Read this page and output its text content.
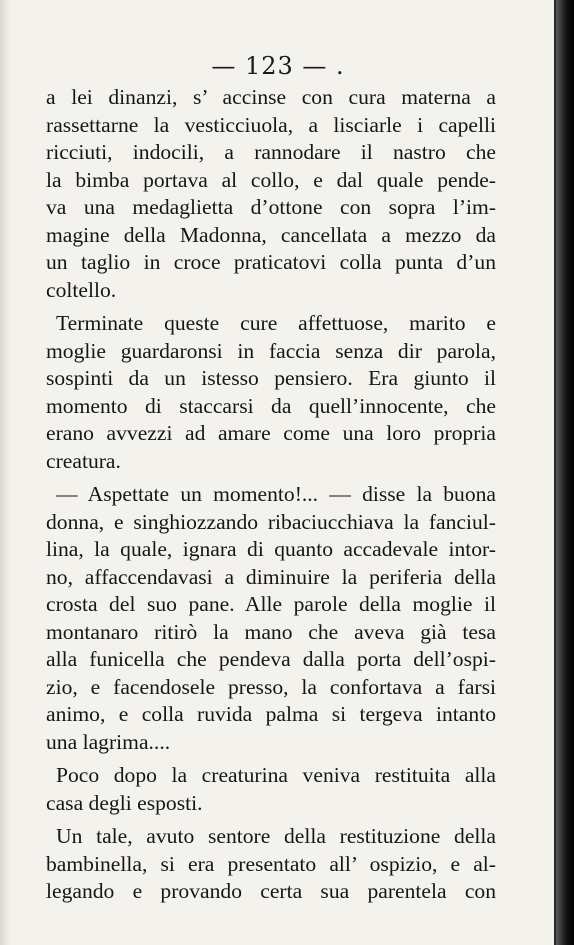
— 123 — .
a lei dinanzi, s’ accinse con cura materna a
rassettarne la vesticciuola, a lisciarle i capelli
ricciuti, indocili, a rannodare il nastro che
la bimba portava al collo, e dal quale pende-
va una medaglietta d’ottone con sopra l’im-
magine della Madonna, cancellata a mezzo da
un taglio in croce praticatovi colla punta d’un
coltello.
Terminate queste cure affettuose, marito e
moglie guardaronsi in faccia senza dir parola,
sospinti da un istesso pensiero. Era giunto il
momento di staccarsi da quell’innocente, che
erano avvezzi ad amare come una loro propria
creatura.
— Aspettate un momento!... — disse la buona
donna, e singhiozzando ribaciucchiava la fanciul-
lina, la quale, ignara di quanto accadevale intor-
no, affaccendavasi a diminuire la periferia della
crosta del suo pane. Alle parole della moglie il
montanaro ritirò la mano che aveva già tesa
alla funicella che pendeva dalla porta dell’ospi-
zio, e facendosele presso, la confortava a farsi
animo, e colla ruvida palma si tergeva intanto
una lagrima....
Poco dopo la creaturina veniva restituita alla
casa degli esposti.
Un tale, avuto sentore della restituzione della
bambinella, si era presentato all’ ospizio, e al-
legando e provando certa sua parentela con
